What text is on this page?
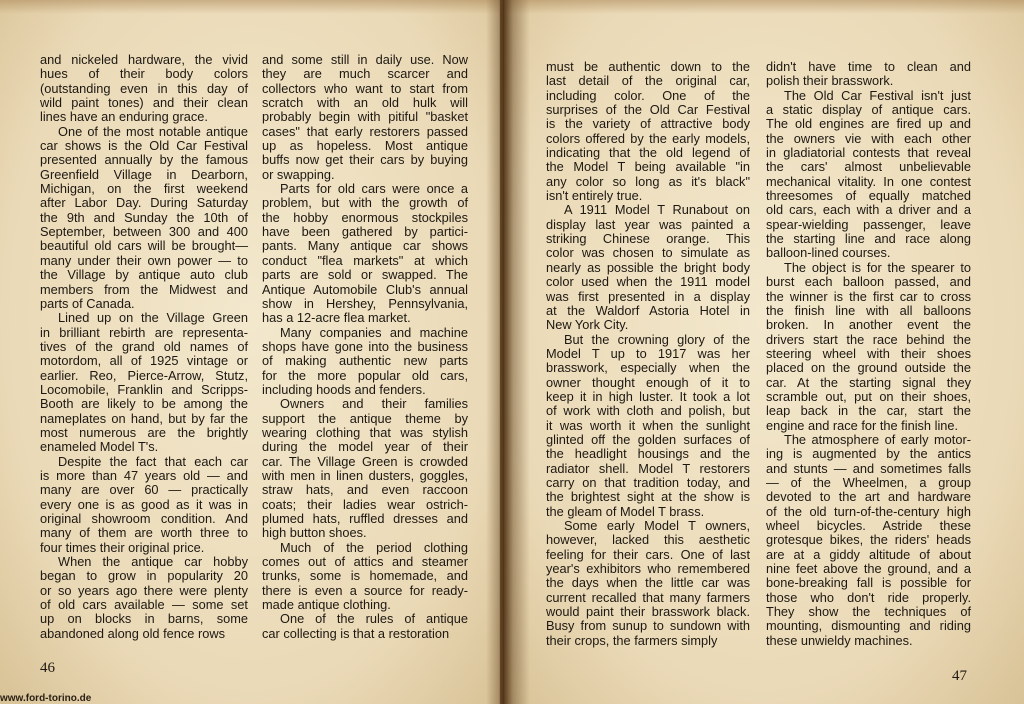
and nickeled hardware, the vivid
hues of their body colors
(outstanding even in this day of
wild paint tones) and their clean
lines have an enduring grace.
One of the most notable antique
car shows is the Old Car Festival
presented annually by the famous
Greenfield Village in Dearborn,
Michigan, on the first weekend
after Labor Day. During Saturday
the 9th and Sunday the 10th of
September, between 300 and 400
beautiful old cars will be brought—
many under their own power — to
the Village by antique auto club
members from the Midwest and
parts of Canada.
Lined up on the Village Green
in brilliant rebirth are representa-
tives of the grand old names of
motordom, all of 1925 vintage or
earlier. Reo, Pierce-Arrow, Stutz,
Locomobile, Franklin and Scripps-
Booth are likely to be among the
nameplates on hand, but by far the
most numerous are the brightly
enameled Model T's.
Despite the fact that each car
is more than 47 years old — and
many are over 60 — practically
every one is as good as it was in
original showroom condition. And
many of them are worth three to
four times their original price.
When the antique car hobby
began to grow in popularity 20
or so years ago there were plenty
of old cars available — some set
up on blocks in barns, some
abandoned along old fence rows
and some still in daily use. Now
they are much scarcer and
collectors who want to start from
scratch with an old hulk will
probably begin with pitiful "basket
cases" that early restorers passed
up as hopeless. Most antique
buffs now get their cars by buying
or swapping.
Parts for old cars were once a
problem, but with the growth of
the hobby enormous stockpiles
have been gathered by partici-
pants. Many antique car shows
conduct "flea markets" at which
parts are sold or swapped. The
Antique Automobile Club's annual
show in Hershey, Pennsylvania,
has a 12-acre flea market.
Many companies and machine
shops have gone into the business
of making authentic new parts
for the more popular old cars,
including hoods and fenders.
Owners and their families
support the antique theme by
wearing clothing that was stylish
during the model year of their
car. The Village Green is crowded
with men in linen dusters, goggles,
straw hats, and even raccoon
coats; their ladies wear ostrich-
plumed hats, ruffled dresses and
high button shoes.
Much of the period clothing
comes out of attics and steamer
trunks, some is homemade, and
there is even a source for ready-
made antique clothing.
One of the rules of antique
car collecting is that a restoration
46
www.ford-torino.de
must be authentic down to the
last detail of the original car,
including color. One of the
surprises of the Old Car Festival
is the variety of attractive body
colors offered by the early models,
indicating that the old legend of
the Model T being available "in
any color so long as it's black"
isn't entirely true.
A 1911 Model T Runabout on
display last year was painted a
striking Chinese orange. This
color was chosen to simulate as
nearly as possible the bright body
color used when the 1911 model
was first presented in a display
at the Waldorf Astoria Hotel in
New York City.
But the crowning glory of the
Model T up to 1917 was her
brasswork, especially when the
owner thought enough of it to
keep it in high luster. It took a lot
of work with cloth and polish, but
it was worth it when the sunlight
glinted off the golden surfaces of
the headlight housings and the
radiator shell. Model T restorers
carry on that tradition today, and
the brightest sight at the show is
the gleam of Model T brass.
Some early Model T owners,
however, lacked this aesthetic
feeling for their cars. One of last
year's exhibitors who remembered
the days when the little car was
current recalled that many farmers
would paint their brasswork black.
Busy from sunup to sundown with
their crops, the farmers simply
didn't have time to clean and
polish their brasswork.
The Old Car Festival isn't just
a static display of antique cars.
The old engines are fired up and
the owners vie with each other
in gladiatorial contests that reveal
the cars' almost unbelievable
mechanical vitality. In one contest
threesomes of equally matched
old cars, each with a driver and a
spear-wielding passenger, leave
the starting line and race along
balloon-lined courses.
The object is for the spearer to
burst each balloon passed, and
the winner is the first car to cross
the finish line with all balloons
broken. In another event the
drivers start the race behind the
steering wheel with their shoes
placed on the ground outside the
car. At the starting signal they
scramble out, put on their shoes,
leap back in the car, start the
engine and race for the finish line.
The atmosphere of early motor-
ing is augmented by the antics
and stunts — and sometimes falls
— of the Wheelmen, a group
devoted to the art and hardware
of the old turn-of-the-century high
wheel bicycles. Astride these
grotesque bikes, the riders' heads
are at a giddy altitude of about
nine feet above the ground, and a
bone-breaking fall is possible for
those who don't ride properly.
They show the techniques of
mounting, dismounting and riding
these unwieldy machines.
47
